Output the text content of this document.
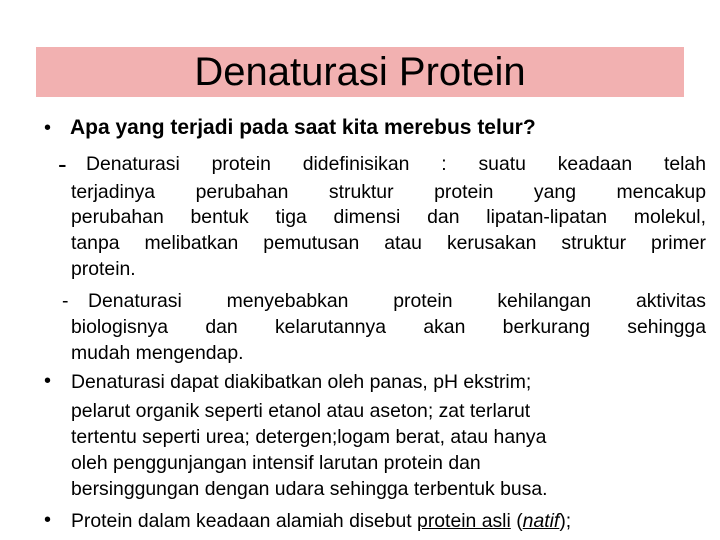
Denaturasi Protein
• Apa yang terjadi pada saat kita merebus telur?
- Denaturasi protein didefinisikan : suatu keadaan telah
terjadinya perubahan struktur protein yang mencakup
perubahan bentuk tiga dimensi dan lipatan-lipatan molekul,
tanpa melibatkan pemutusan atau kerusakan struktur primer
protein.
- Denaturasi menyebabkan protein kehilangan aktivitas
biologisnya dan kelarutannya akan berkurang sehingga
mudah mengendap.
• Denaturasi dapat diakibatkan oleh panas, pH ekstrim;
pelarut organik seperti etanol atau aseton; zat terlarut
tertentu seperti urea; detergen;logam berat, atau hanya
oleh penggunjangan intensif larutan protein dan
bersinggungan dengan udara sehingga terbentuk busa.
• Protein dalam keadaan alamiah disebut protein asli (natif);
